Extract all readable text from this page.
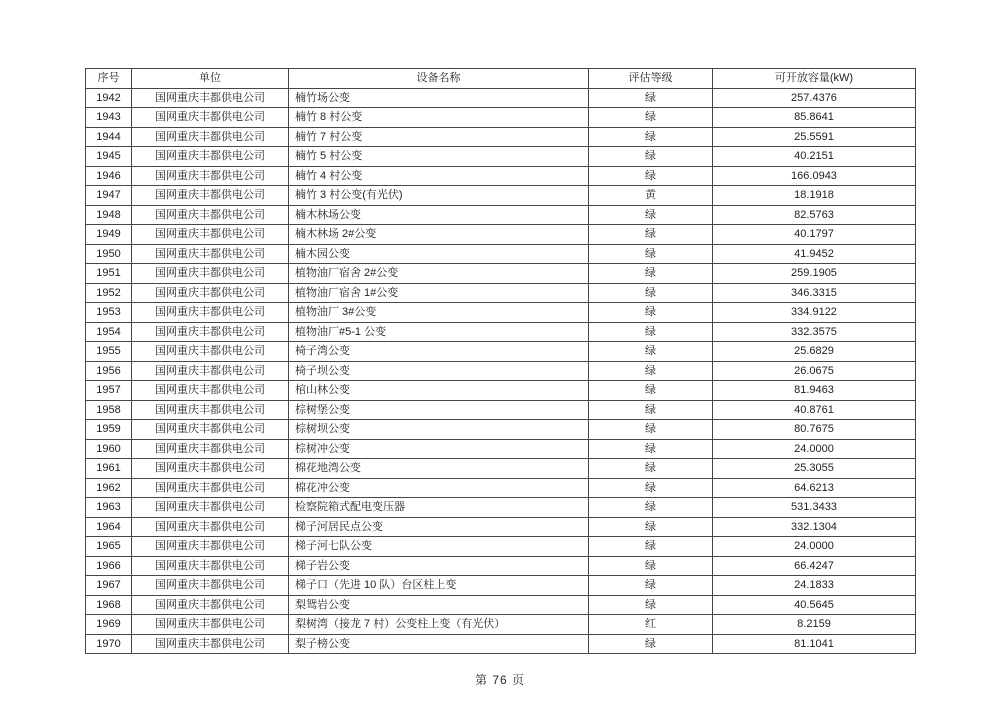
序号	单位	设备名称	评估等级	可开放容量(kW)
1942	国网重庆丰都供电公司	楠竹场公变	绿	257.4376
1943	国网重庆丰都供电公司	楠竹 8 村公变	绿	85.8641
1944	国网重庆丰都供电公司	楠竹 7 村公变	绿	25.5591
1945	国网重庆丰都供电公司	楠竹 5 村公变	绿	40.2151
1946	国网重庆丰都供电公司	楠竹 4 村公变	绿	166.0943
1947	国网重庆丰都供电公司	楠竹 3 村公变(有光伏)	黄	18.1918
1948	国网重庆丰都供电公司	楠木林场公变	绿	82.5763
1949	国网重庆丰都供电公司	楠木林场 2#公变	绿	40.1797
1950	国网重庆丰都供电公司	楠木园公变	绿	41.9452
1951	国网重庆丰都供电公司	植物油厂宿舍 2#公变	绿	259.1905
1952	国网重庆丰都供电公司	植物油厂宿舍 1#公变	绿	346.3315
1953	国网重庆丰都供电公司	植物油厂 3#公变	绿	334.9122
1954	国网重庆丰都供电公司	植物油厂#5-1 公变	绿	332.3575
1955	国网重庆丰都供电公司	椅子湾公变	绿	25.6829
1956	国网重庆丰都供电公司	椅子坝公变	绿	26.0675
1957	国网重庆丰都供电公司	棺山林公变	绿	81.9463
1958	国网重庆丰都供电公司	棕树堡公变	绿	40.8761
1959	国网重庆丰都供电公司	棕树坝公变	绿	80.7675
1960	国网重庆丰都供电公司	棕树冲公变	绿	24.0000
1961	国网重庆丰都供电公司	棉花地湾公变	绿	25.3055
1962	国网重庆丰都供电公司	棉花冲公变	绿	64.6213
1963	国网重庆丰都供电公司	检察院箱式配电变压器	绿	531.3433
1964	国网重庆丰都供电公司	梯子河居民点公变	绿	332.1304
1965	国网重庆丰都供电公司	梯子河七队公变	绿	24.0000
1966	国网重庆丰都供电公司	梯子岩公变	绿	66.4247
1967	国网重庆丰都供电公司	梯子口（先进 10 队）台区柱上变	绿	24.1833
1968	国网重庆丰都供电公司	梨鸳岩公变	绿	40.5645
1969	国网重庆丰都供电公司	梨树湾（接龙 7 村）公变柱上变（有光伏）	红	8.2159
1970	国网重庆丰都供电公司	梨子榜公变	绿	81.1041
第 76 页
